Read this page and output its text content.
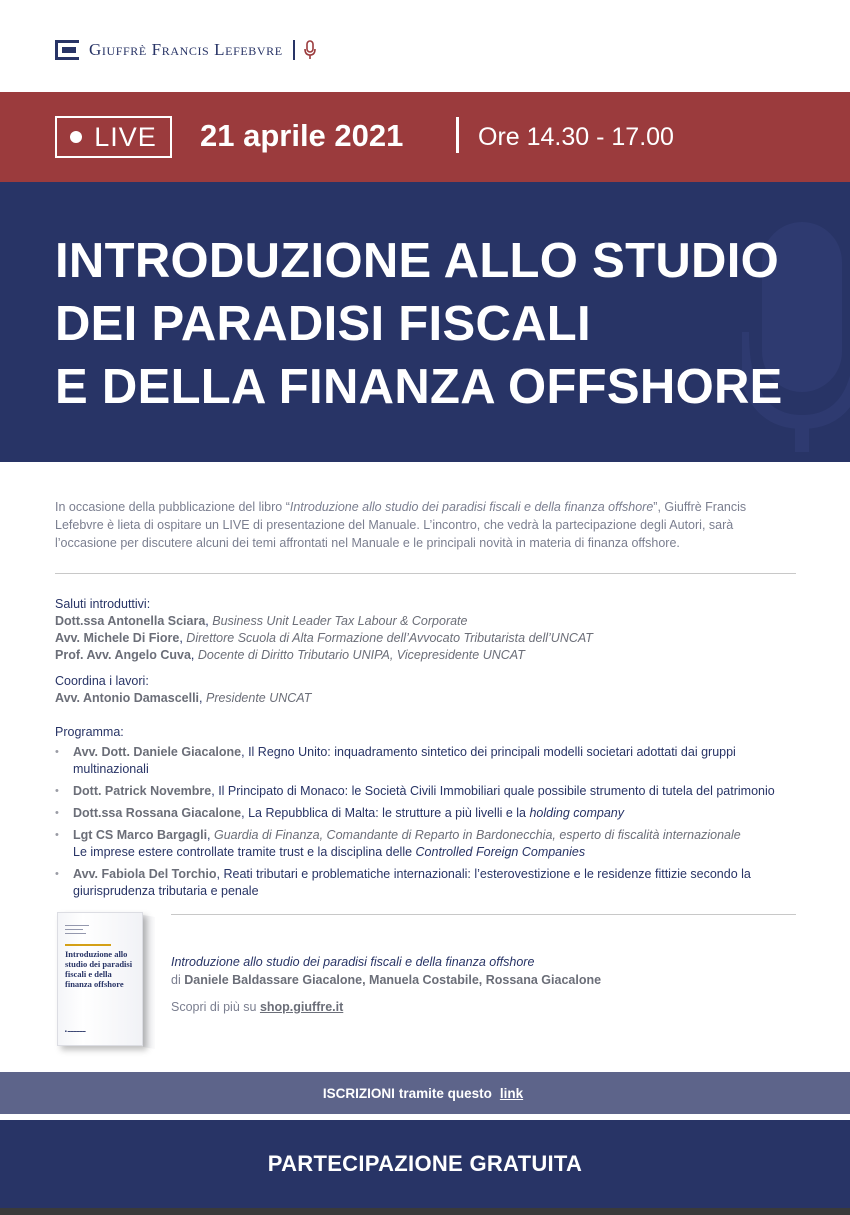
Giuffrè Francis Lefebvre
LIVE 21 aprile 2021	Ore 14.30 - 17.00
INTRODUZIONE ALLO STUDIO
DEI PARADISI FISCALI
E DELLA FINANZA OFFSHORE
In occasione della pubblicazione del libro “Introduzione allo studio dei paradisi fiscali e della finanza offshore”, Giuffrè Francis Lefebvre è lieta di ospitare un LIVE di presentazione del Manuale. L’incontro, che vedrà la partecipazione degli Autori, sarà l’occasione per discutere alcuni dei temi affrontati nel Manuale e le principali novità in materia di finanza offshore.
Saluti introduttivi:
Dott.ssa Antonella Sciara, Business Unit Leader Tax Labour & Corporate
Avv. Michele Di Fiore, Direttore Scuola di Alta Formazione dell’Avvocato Tributarista dell’UNCAT
Prof. Avv. Angelo Cuva, Docente di Diritto Tributario UNIPA, Vicepresidente UNCAT
Coordina i lavori:
Avv. Antonio Damascelli, Presidente UNCAT
Programma:
• Avv. Dott. Daniele Giacalone, Il Regno Unito: inquadramento sintetico dei principali modelli societari adottati dai gruppi multinazionali
• Dott. Patrick Novembre, Il Principato di Monaco: le Società Civili Immobiliari quale possibile strumento di tutela del patrimonio
• Dott.ssa Rossana Giacalone, La Repubblica di Malta: le strutture a più livelli e la holding company
• Lgt CS Marco Bargagli, Guardia di Finanza, Comandante di Reparto in Bardonecchia, esperto di fiscalità internazionale
Le imprese estere controllate tramite trust e la disciplina delle Controlled Foreign Companies
• Avv. Fabiola Del Torchio, Reati tributari e problematiche internazionali: l’esterovestizione e le residenze fittizie secondo la giurisprudenza tributaria e penale
▬▬▬▬▬▬▬▬
▬▬▬▬▬▬
▬▬▬▬▬▬▬
Introduzione allo studio dei paradisi fiscali e della finanza offshore
■ ▬▬▬▬▬▬
Introduzione allo studio dei paradisi fiscali e della finanza offshore
di Daniele Baldassare Giacalone, Manuela Costabile, Rossana Giacalone
Scopri di più su shop.giuffre.it
ISCRIZIONI tramite questo link
PARTECIPAZIONE GRATUITA
